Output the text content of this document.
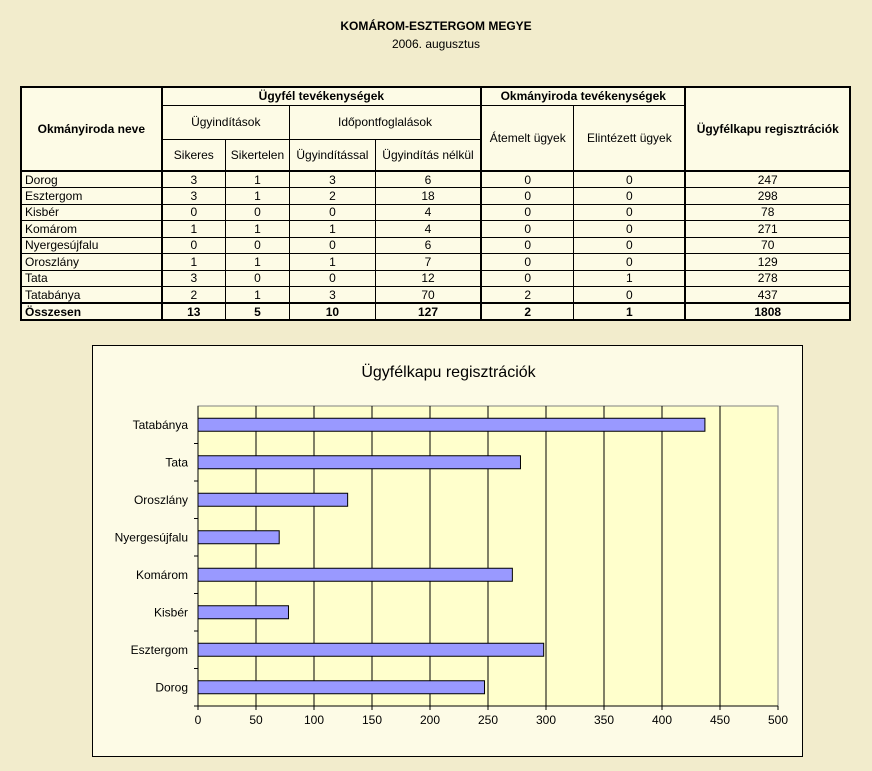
KOMÁROM-ESZTERGOM MEGYE
2006. augusztus
Okmányiroda neve	Ügyfél tevékenységek				Okmányiroda tevékenységek		Ügyfélkapu regisztrációk
	Ügyindítások		Időpontfoglalások		Átemelt ügyek	Elintézett ügyek	
	Sikeres	Sikertelen	Ügyindítással	Ügyindítás nélkül			
Dorog	3	1	3	6	0	0	247
Esztergom	3	1	2	18	0	0	298
Kisbér	0	0	0	4	0	0	78
Komárom	1	1	1	4	0	0	271
Nyergesújfalu	0	0	0	6	0	0	70
Oroszlány	1	1	1	7	0	0	129
Tata	3	0	0	12	0	1	278
Tatabánya	2	1	3	70	2	0	437
Összesen	13	5	10	127	2	1	1808
Ügyfélkapu regisztrációk
0	50	100	150	200	250	300	350	400	450	500
Dorog
Esztergom
Kisbér
Komárom
Nyergesújfalu
Oroszlány
Tata
Tatabánya
